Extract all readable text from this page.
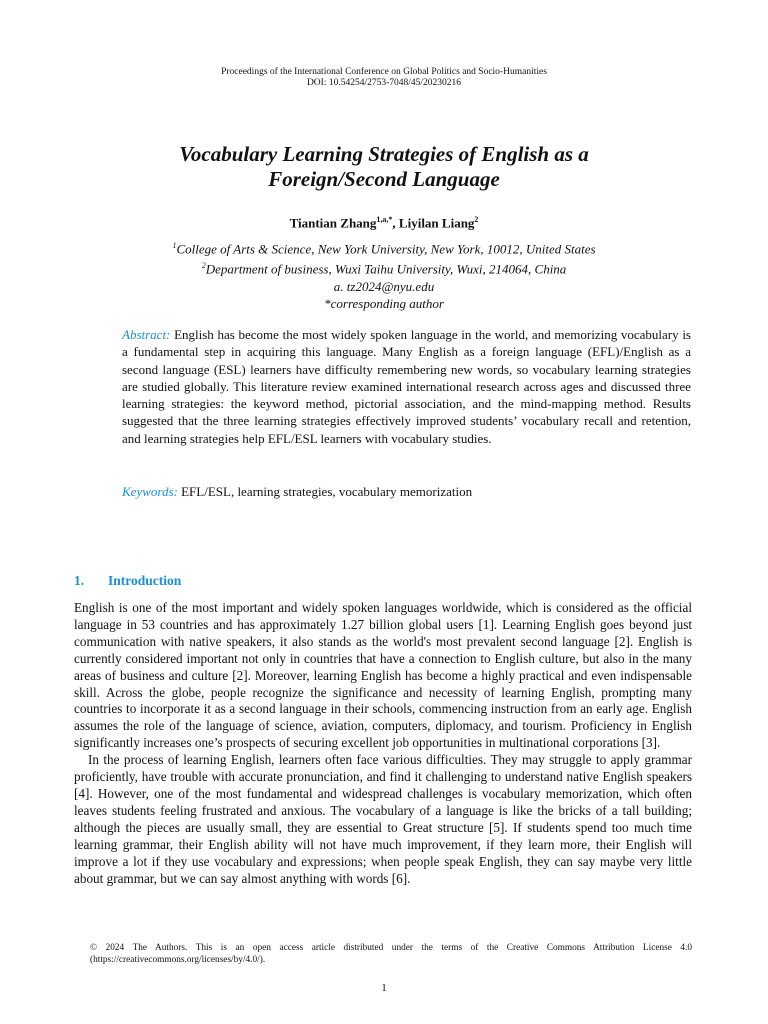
Proceedings of the International Conference on Global Politics and Socio-Humanities
DOI: 10.54254/2753-7048/45/20230216
Vocabulary Learning Strategies of English as a
Foreign/Second Language
Tiantian Zhang$^{1,a,*}$, Liyilan Liang$^2$
$^1$College of Arts & Science, New York University, New York, 10012, United States
$^2$Department of business, Wuxi Taihu University, Wuxi, 214064, China
a. tz2024@nyu.edu
*corresponding author
Abstract: English has become the most widely spoken language in the world, and memorizing vocabulary is a fundamental step in acquiring this language. Many English as a foreign language (EFL)/English as a second language (ESL) learners have difficulty remembering new words, so vocabulary learning strategies are studied globally. This literature review examined international research across ages and discussed three learning strategies: the keyword method, pictorial association, and the mind-mapping method. Results suggested that the three learning strategies effectively improved students’ vocabulary recall and retention, and learning strategies help EFL/ESL learners with vocabulary studies.
Keywords: EFL/ESL, learning strategies, vocabulary memorization
1. Introduction

English is one of the most important and widely spoken languages worldwide, which is considered as the official language in 53 countries and has approximately 1.27 billion global users [1]. Learning English goes beyond just communication with native speakers, it also stands as the world's most prevalent second language [2]. English is currently considered important not only in countries that have a connection to English culture, but also in the many areas of business and culture [2]. Moreover, learning English has become a highly practical and even indispensable skill. Across the globe, people recognize the significance and necessity of learning English, prompting many countries to incorporate it as a second language in their schools, commencing instruction from an early age. English assumes the role of the language of science, aviation, computers, diplomacy, and tourism. Proficiency in English significantly increases one’s prospects of securing excellent job opportunities in multinational corporations [3].

In the process of learning English, learners often face various difficulties. They may struggle to apply grammar proficiently, have trouble with accurate pronunciation, and find it challenging to understand native English speakers [4]. However, one of the most fundamental and widespread challenges is vocabulary memorization, which often leaves students feeling frustrated and anxious. The vocabulary of a language is like the bricks of a tall building; although the pieces are usually small, they are essential to Great structure [5]. If students spend too much time learning grammar, their English ability will not have much improvement, if they learn more, their English will improve a lot if they use vocabulary and expressions; when people speak English, they can say maybe very little about grammar, but we can say almost anything with words [6].

© 2024 The Authors. This is an open access article distributed under the terms of the Creative Commons Attribution License 4.0 (https://creativecommons.org/licenses/by/4.0/).
1
